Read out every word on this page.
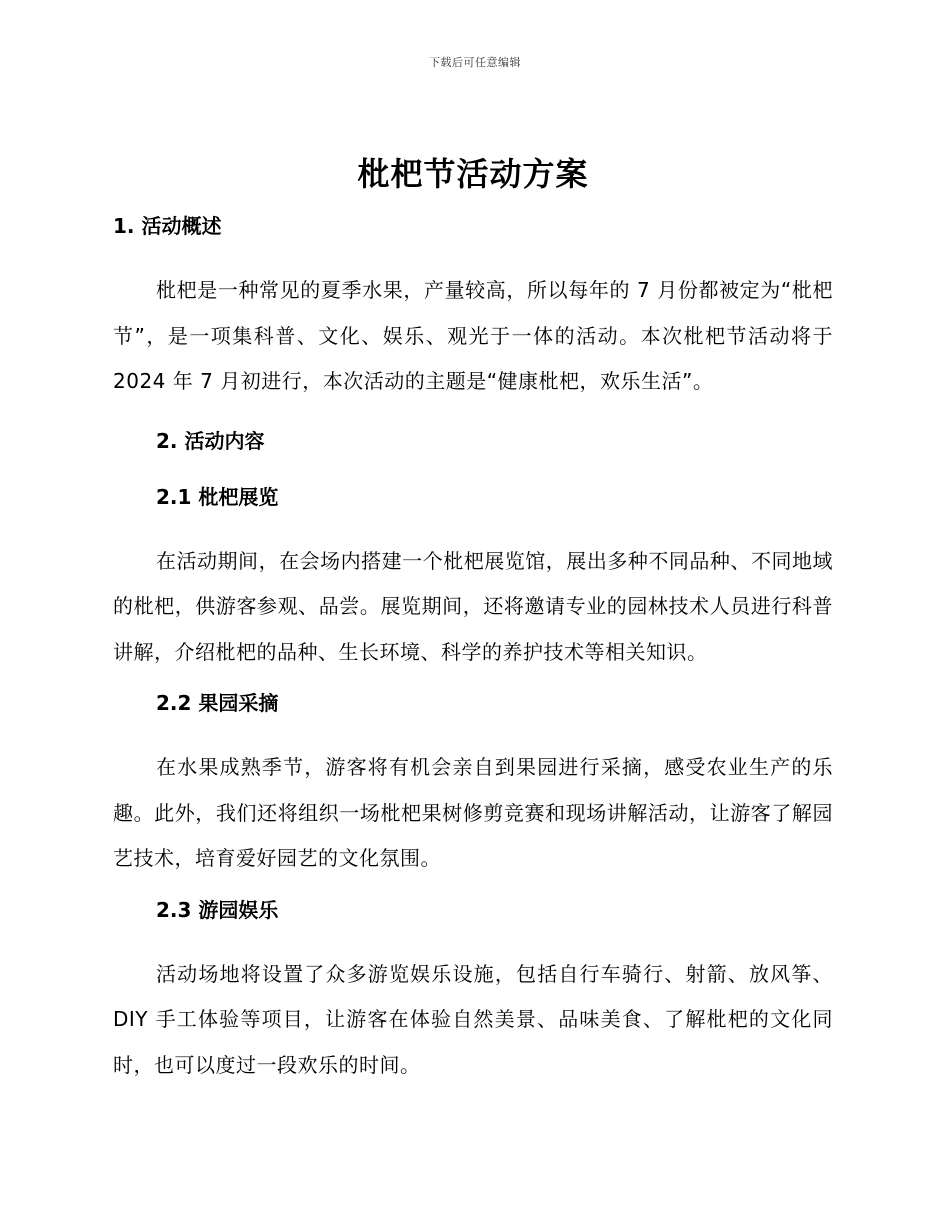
下载后可任意编辑
枇杷节活动方案
1. 活动概述

枇杷是一种常见的夏季水果，产量较高，所以每年的 7 月份都被定为“枇杷节”，是一项集科普、文化、娱乐、观光于一体的活动。本次枇杷节活动将于 2024 年 7 月初进行，本次活动的主题是“健康枇杷，欢乐生活”。

2. 活动内容
2.1 枇杷展览

在活动期间，在会场内搭建一个枇杷展览馆，展出多种不同品种、不同地域的枇杷，供游客参观、品尝。展览期间，还将邀请专业的园林技术人员进行科普讲解，介绍枇杷的品种、生长环境、科学的养护技术等相关知识。

2.2 果园采摘

在水果成熟季节，游客将有机会亲自到果园进行采摘，感受农业生产的乐趣。此外，我们还将组织一场枇杷果树修剪竞赛和现场讲解活动，让游客了解园艺技术，培育爱好园艺的文化氛围。

2.3 游园娱乐

活动场地将设置了众多游览娱乐设施，包括自行车骑行、射箭、放风筝、DIY 手工体验等项目，让游客在体验自然美景、品味美食、了解枇杷的文化同时，也可以度过一段欢乐的时间。
